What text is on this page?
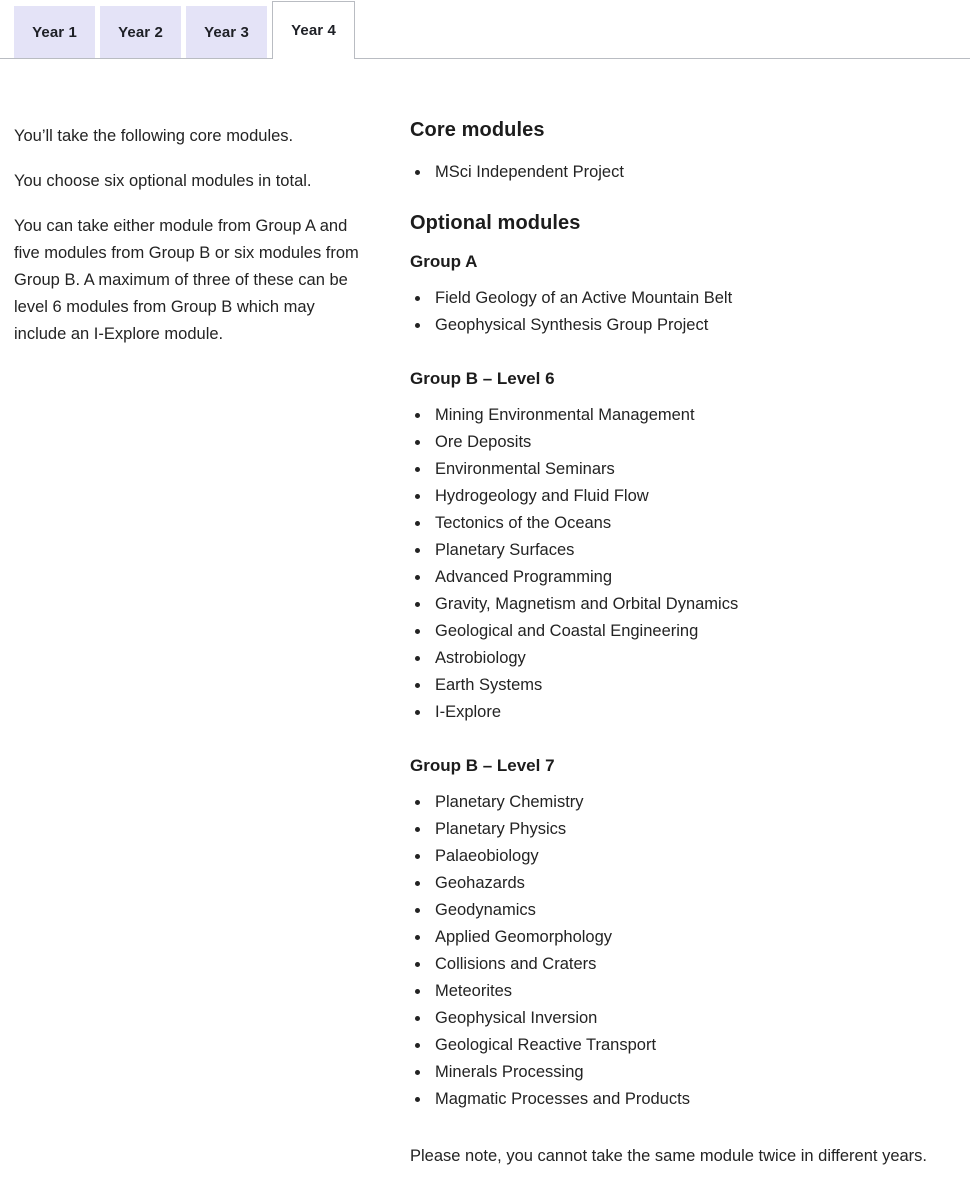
Year 1	Year 2	Year 3	Year 4

You’ll take the following core modules.

You choose six optional modules in total.

You can take either module from Group A and five modules from Group B or six modules from Group B. A maximum of three of these can be level 6 modules from Group B which may include an I-Explore module.

Core modules
• MSci Independent Project
Optional modules
Group A
• Field Geology of an Active Mountain Belt
• Geophysical Synthesis Group Project
Group B – Level 6
• Mining Environmental Management
• Ore Deposits
• Environmental Seminars
• Hydrogeology and Fluid Flow
• Tectonics of the Oceans
• Planetary Surfaces
• Advanced Programming
• Gravity, Magnetism and Orbital Dynamics
• Geological and Coastal Engineering
• Astrobiology
• Earth Systems
• I-Explore
Group B – Level 7
• Planetary Chemistry
• Planetary Physics
• Palaeobiology
• Geohazards
• Geodynamics
• Applied Geomorphology
• Collisions and Craters
• Meteorites
• Geophysical Inversion
• Geological Reactive Transport
• Minerals Processing
• Magmatic Processes and Products

Please note, you cannot take the same module twice in different years.
